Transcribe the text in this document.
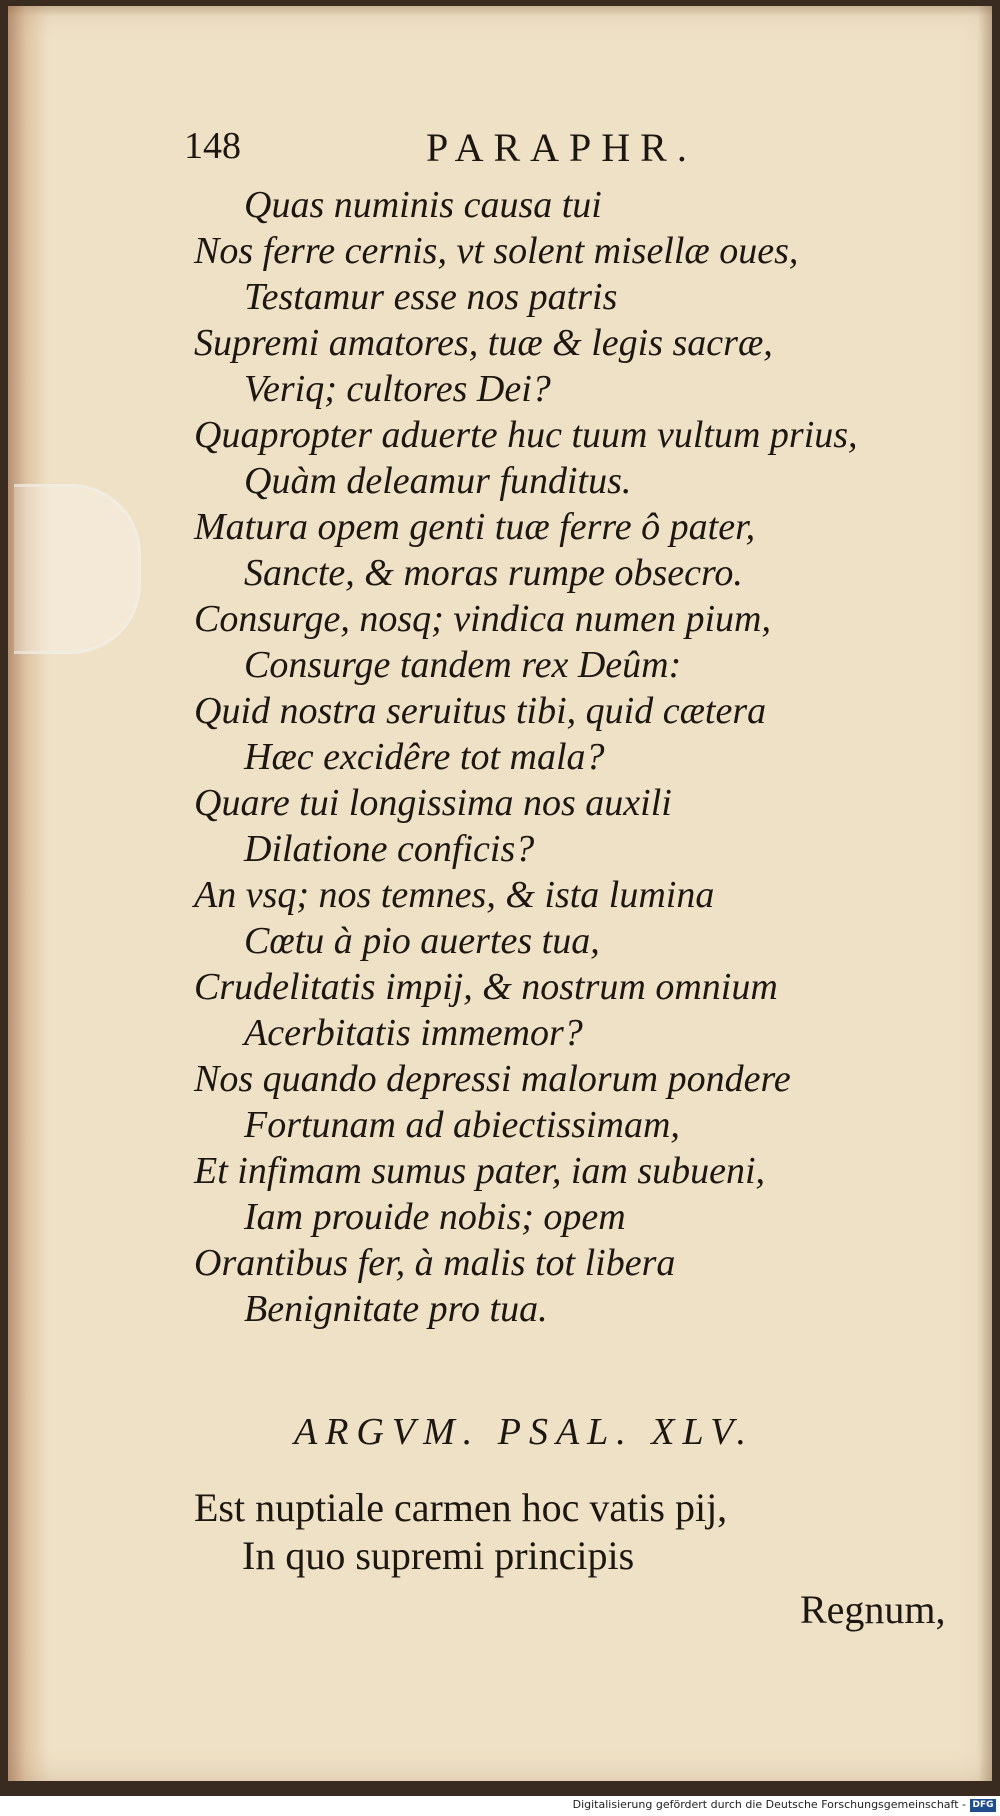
148	PARAPHR.
Quas numinis causa tui
Nos ferre cernis, vt solent misellæ oues,
Testamur esse nos patris
Supremi amatores, tuæ & legis sacræ,
Veriq; cultores Dei?
Quapropter aduerte huc tuum vultum prius,
Quàm deleamur funditus.
Matura opem genti tuæ ferre ô pater,
Sancte, & moras rumpe obsecro.
Consurge, nosq; vindica numen pium,
Consurge tandem rex Deûm:
Quid nostra seruitus tibi, quid cætera
Hæc excidêre tot mala?
Quare tui longissima nos auxili
Dilatione conficis?
An vsq; nos temnes, & ista lumina
Cœtu à pio auertes tua,
Crudelitatis impij, & nostrum omnium
Acerbitatis immemor?
Nos quando depressi malorum pondere
Fortunam ad abiectissimam,
Et infimam sumus pater, iam subueni,
Iam prouide nobis; opem
Orantibus fer, à malis tot libera
Benignitate pro tua.
ARGVM. PSAL. XLV.
Est nuptiale carmen hoc vatis pij,
In quo supremi principis
Regnum,
Digitalisierung gefördert durch die Deutsche Forschungsgemeinschaft - DFG
